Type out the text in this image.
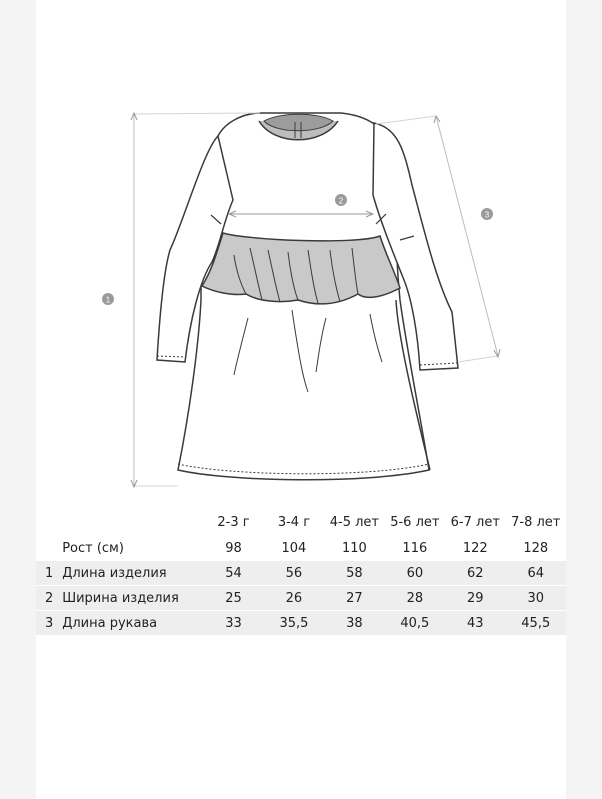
1
2
3
		2-3 г	3-4 г	4-5 лет	5-6 лет	6-7 лет	7-8 лет
	Рост (см)	98	104	110	116	122	128
1	Длина изделия	54	56	58	60	62	64
2	Ширина изделия	25	26	27	28	29	30
3	Длина рукава	33	35,5	38	40,5	43	45,5
